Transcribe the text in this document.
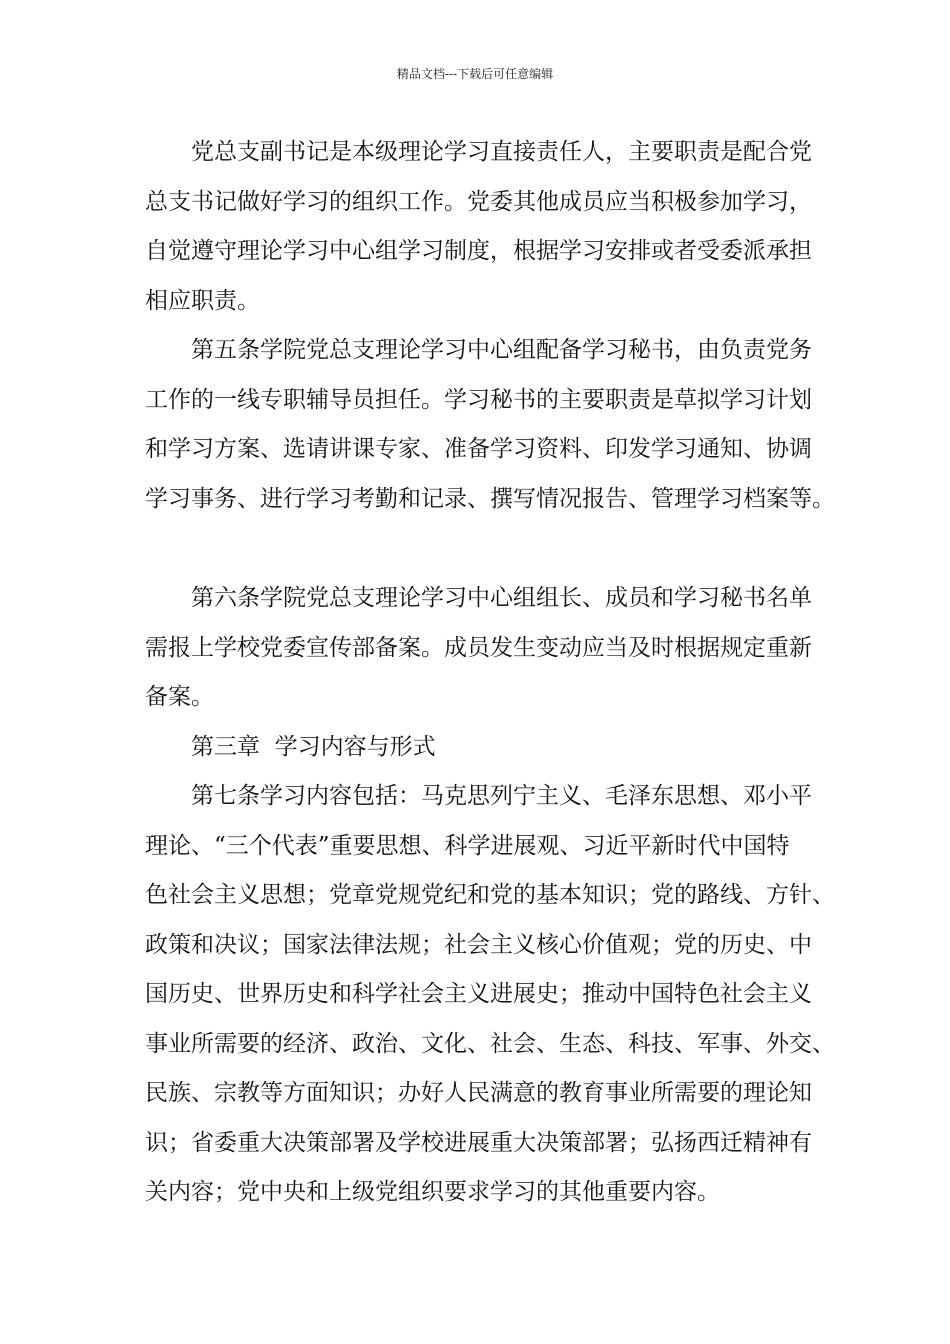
精品文档---下载后可任意编辑
党总支副书记是本级理论学习直接责任人，主要职责是配合党
总支书记做好学习的组织工作。党委其他成员应当积极参加学习，
自觉遵守理论学习中心组学习制度，根据学习安排或者受委派承担
相应职责。
第五条学院党总支理论学习中心组配备学习秘书，由负责党务
工作的一线专职辅导员担任。学习秘书的主要职责是草拟学习计划
和学习方案、选请讲课专家、准备学习资料、印发学习通知、协调
学习事务、进行学习考勤和记录、撰写情况报告、管理学习档案等。
第六条学院党总支理论学习中心组组长、成员和学习秘书名单
需报上学校党委宣传部备案。成员发生变动应当及时根据规定重新
备案。
第三章  学习内容与形式
第七条学习内容包括：马克思列宁主义、毛泽东思想、邓小平
理论、“三个代表”重要思想、科学进展观、习近平新时代中国特
色社会主义思想；党章党规党纪和党的基本知识；党的路线、方针、
政策和决议；国家法律法规；社会主义核心价值观；党的历史、中
国历史、世界历史和科学社会主义进展史；推动中国特色社会主义
事业所需要的经济、政治、文化、社会、生态、科技、军事、外交、
民族、宗教等方面知识；办好人民满意的教育事业所需要的理论知
识；省委重大决策部署及学校进展重大决策部署；弘扬西迁精神有
关内容；党中央和上级党组织要求学习的其他重要内容。
